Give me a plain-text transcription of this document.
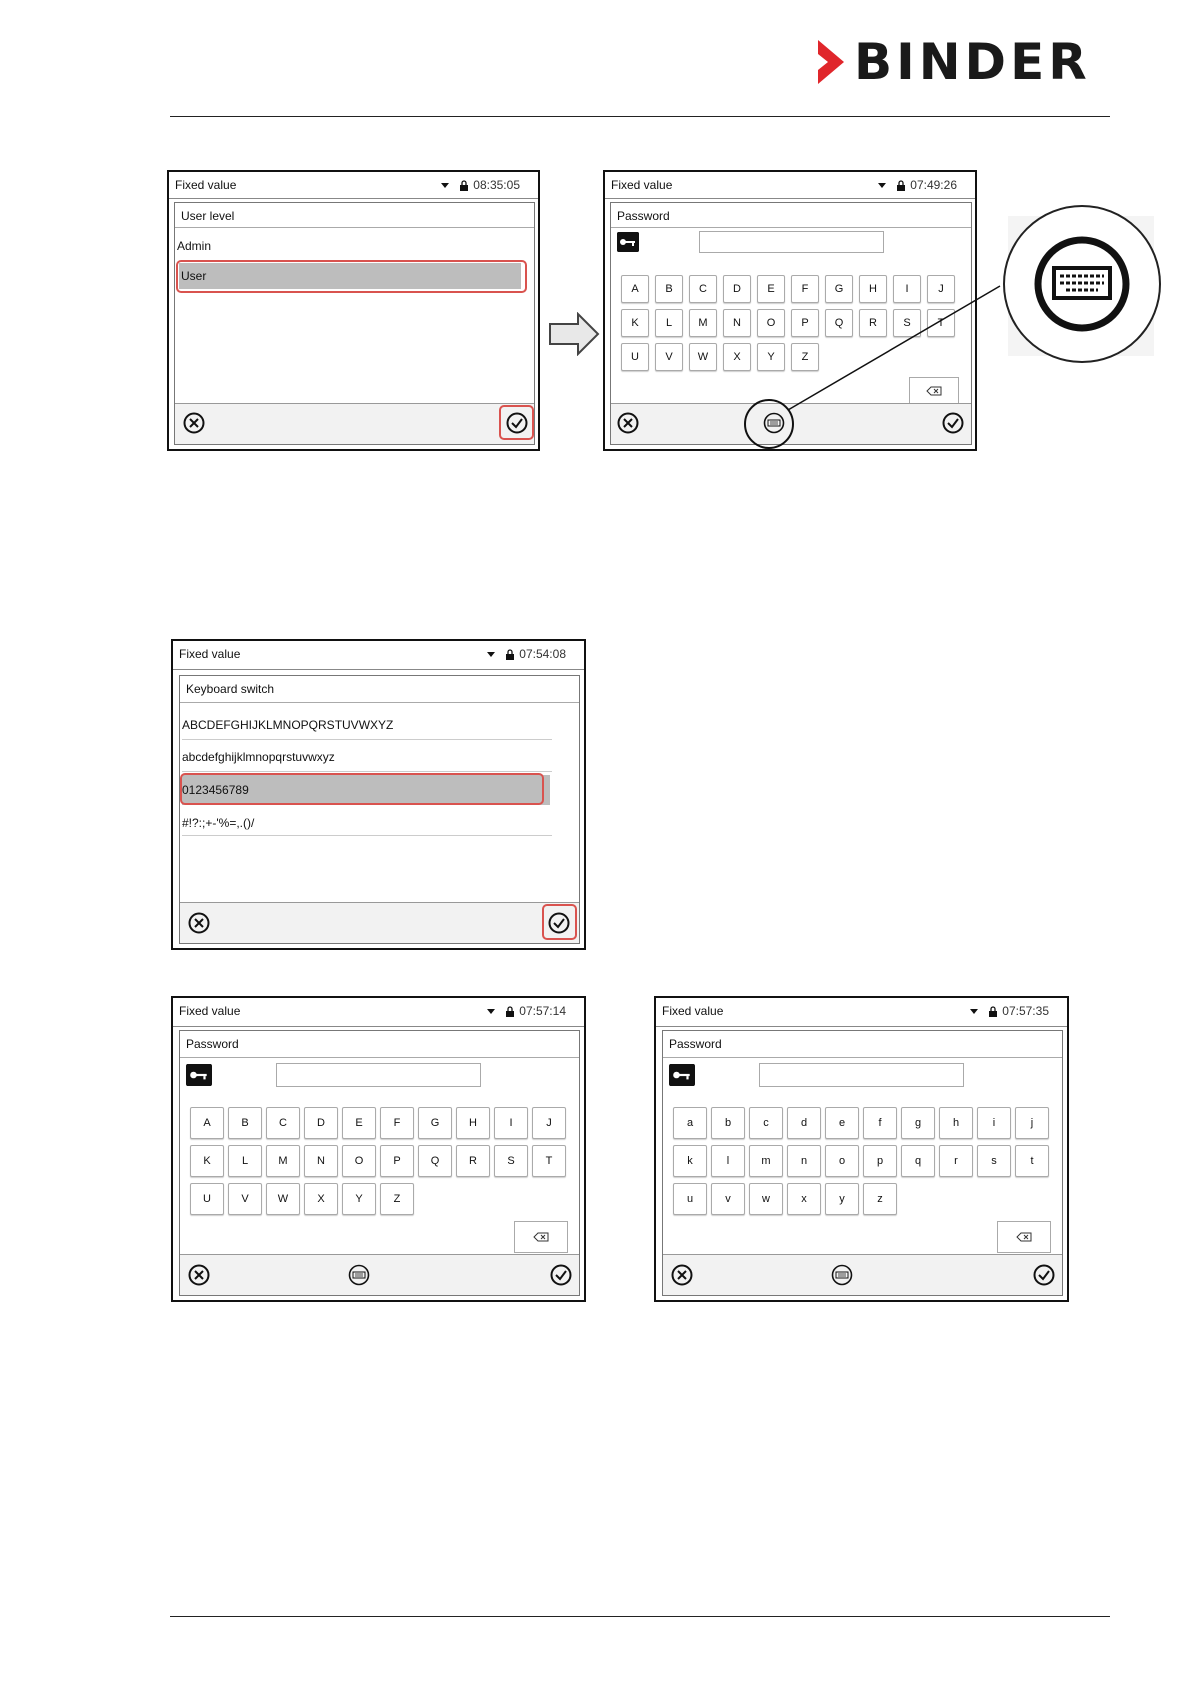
BINDER
Fixed value	08:35:05
User level
Admin
User
Fixed value	07:49:26
Password
A	B	C	D	E	F	G	H	I	J
K	L	M	N	O	P	Q	R	S	T
U	V	W	X	Y	Z
Fixed value	07:54:08
Keyboard switch
ABCDEFGHIJKLMNOPQRSTUVWXYZ
abcdefghijklmnopqrstuvwxyz
0123456789
#!?:;+-'%=,.()/
Fixed value	07:57:14
Password
A	B	C	D	E	F	G	H	I	J
K	L	M	N	O	P	Q	R	S	T
U	V	W	X	Y	Z
Fixed value	07:57:35
Password
a	b	c	d	e	f	g	h	i	j
k	l	m	n	o	p	q	r	s	t
u	v	w	x	y	z
